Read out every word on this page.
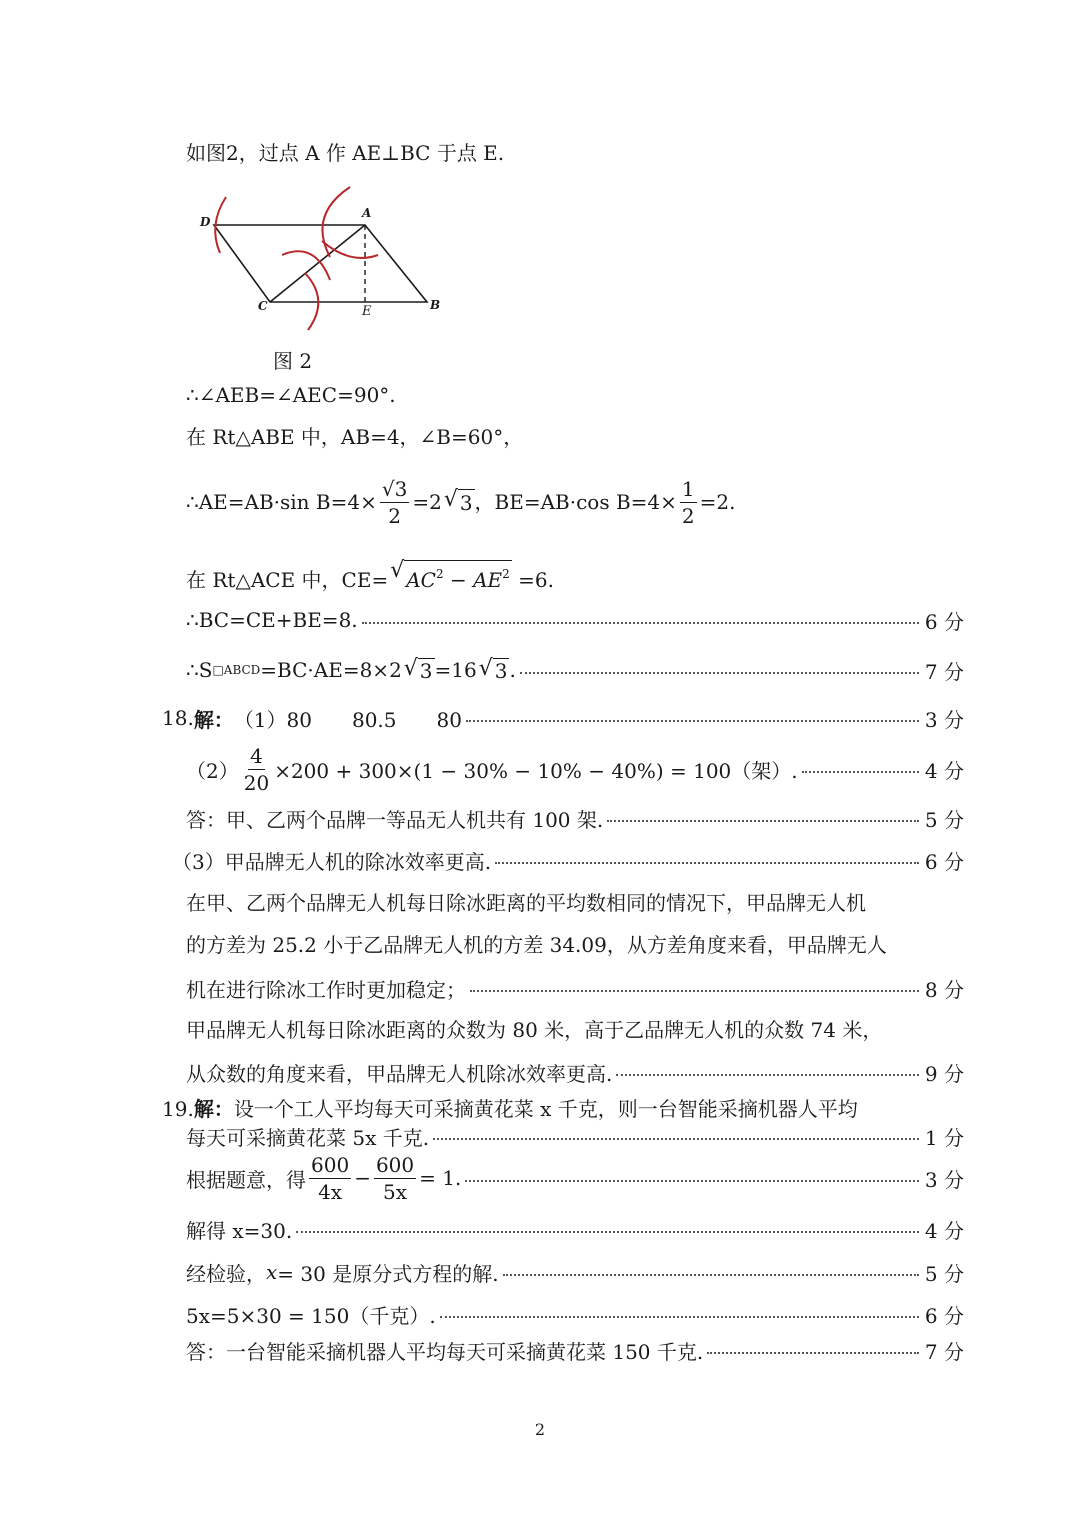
如图2，过点 A 作 AE⊥BC 于点 E.
D
A
C	B
E
图 2
∴∠AEB=∠AEC=90°.
在 Rt△ABE 中，AB=4，∠B=60°，
∴AE=AB·sin $B=4\times \frac{√3}{2} =2$ √ 3 ，BE=AB·cos $B=4\times \frac{1}{2} =2$.
在 Rt△ACE 中，CE= √ $AC^2 - AE^2 =6$.
∴BC=CE+BE=8.	6 分
∴S □ABCD =BC·AE=8×2 √ 3 =16 √ 3 .	7 分
18. 解： （1）80　　80.5　　80	3 分
$(2) \frac{4}{20} \times 200 + 300\times(1 - 30\% - 10\% - 40\%) = 100$（架）.	4 分
答：甲、乙两个品牌一等品无人机共有 100 架.	5 分
（3）甲品牌无人机的除冰效率更高.	6 分
在甲、乙两个品牌无人机每日除冰距离的平均数相同的情况下，甲品牌无人机
的方差为 25.2 小于乙品牌无人机的方差 34.09，从方差角度来看，甲品牌无人
机在进行除冰工作时更加稳定；	8 分
甲品牌无人机每日除冰距离的众数为 80 米，高于乙品牌无人机的众数 74 米，
从众数的角度来看，甲品牌无人机除冰效率更高.	9 分
19.解：设一个工人平均每天可采摘黄花菜 x 千克，则一台智能采摘机器人平均
每天可采摘黄花菜 5x 千克.	1 分
根据题意，得 $\frac{600}{4x} - \frac{600}{5x} = 1$.	3 分
解得 x=30.	4 分
经检验， x = 30 是原分式方程的解.	5 分
5x=5×30 = 150（千克）.	6 分
答：一台智能采摘机器人平均每天可采摘黄花菜 150 千克.	7 分
2
